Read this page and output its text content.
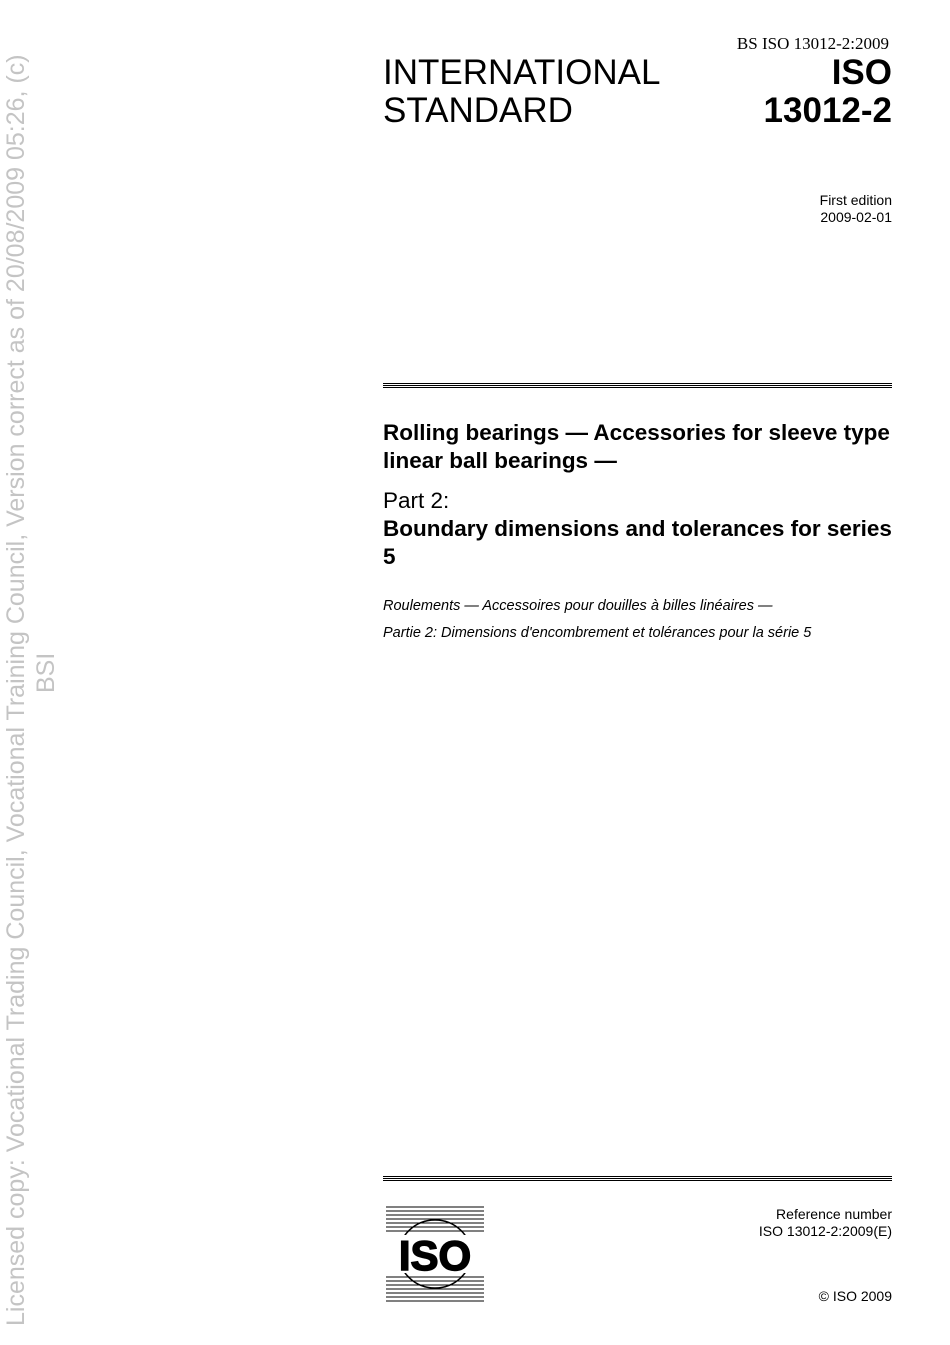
Licensed copy: Vocational Trading Council, Vocational Training Council, Version correct as of 20/08/2009 05:26, (c) BSI
BS ISO 13012-2:2009
INTERNATIONAL
STANDARD
ISO
13012-2
First edition
2009-02-01
Rolling bearings — Accessories for sleeve type linear ball bearings —
Part 2:
Boundary dimensions and tolerances for series 5
Roulements — Accessoires pour douilles à billes linéaires —
Partie 2: Dimensions d'encombrement et tolérances pour la série 5
ISO
Reference number
ISO 13012-2:2009(E)
© ISO 2009
